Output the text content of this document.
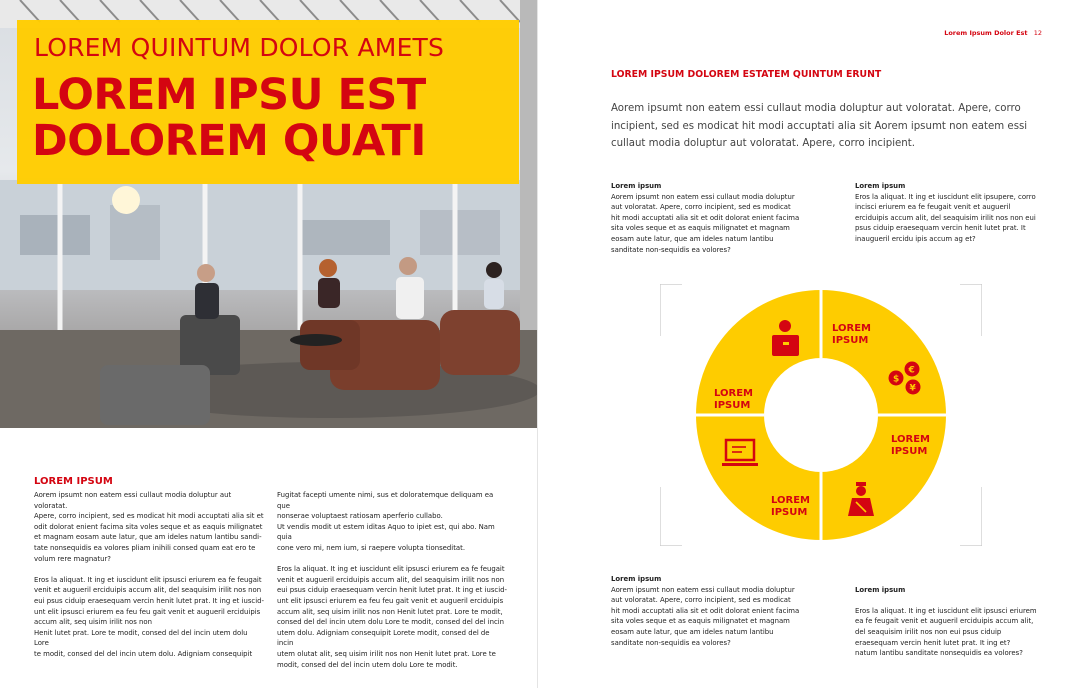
LOREM QUINTUM DOLOR AMETS
LOREM IPSU EST
DOLOREM QUATI
LOREM IPSUM
Aorem ipsumt non eatem essi cullaut modia doluptur aut voloratat.
Apere, corro incipient, sed es modicat hit modi accuptati alia sit et
odit dolorat enient facima sita voles seque et as eaquis milignatet
et magnam eosam aute latur, que am ideles natum lantibu sandi-
tate nonsequidis ea volores pliam inihili consed quam eat ero te
volum rere magnatur?

Eros la aliquat. It ing et iuscidunt elit ipsusci eriurem ea fe feugait
venit et augueril erciduipis accum alit, del seaquisim irilit nos non
eui psus ciduip eraesequam vercin henit lutet prat. It ing et iuscid-
unt elit ipsusci eriurem ea feu feu gait venit et augueril erciduipis
accum alit, seq uisim irilit nos non
Henit lutet prat. Lore te modit, consed del del incin utem dolu Lore
te modit, consed del del incin utem dolu. Adigniam consequipit
Fugitat facepti umente nimi, sus et doloratemque deliquam ea que
nonserae voluptaest ratiosam aperferio cullabo.
Ut vendis modit ut estem iditas Aquo to ipiet est, qui abo. Nam quia
cone vero mi, nem ium, si raepere volupta tionseditat.

Eros la aliquat. It ing et iuscidunt elit ipsusci eriurem ea fe feugait
venit et augueril erciduipis accum alit, del seaquisim irilit nos non
eui psus ciduip eraesequam vercin henit lutet prat. It ing et iuscid-
unt elit ipsusci eriurem ea feu feu gait venit et augueril erciduipis
accum alit, seq uisim irilit nos non Henit lutet prat. Lore te modit,
consed del del incin utem dolu Lore te modit, consed del del incin
utem dolu. Adigniam consequipit Lorete modit, consed del de incin
utem olutat alit, seq uisim irilit nos non Henit lutet prat. Lore te
modit, consed del del incin utem dolu Lore te modit.
Lorem Ipsum Dolor Est 12
LOREM IPSUM DOLOREM ESTATEM QUINTUM ERUNT
Aorem ipsumt non eatem essi cullaut modia doluptur aut voloratat. Apere, corro incipient, sed es modicat hit modi accuptati alia sit Aorem ipsumt non eatem essi cullaut modia doluptur aut voloratat. Apere, corro incipient.
Lorem ipsum
Aorem ipsumt non eatem essi cullaut modia doluptur aut voloratat. Apere, corro incipient, sed es modicat hit modi accuptati alia sit et odit dolorat enient facima sita voles seque et as eaquis milignatet et magnam eosam aute latur, que am ideles natum lantibu sanditate non-sequidis ea volores?
Lorem ipsum
Eros la aliquat. It ing et iuscidunt elit ipsupere, corro incisci eriurem ea fe feugait venit et augueril erciduipis accum alit, del seaquisim irilit nos non eui psus ciduip eraesequam vercin henit lutet prat. It inaugueril ercidu ipis accum ag et?
Lorem ipsum
Aorem ipsumt non eatem essi cullaut modia doluptur aut voloratat. Apere, corro incipient, sed es modicat hit modi accuptati alia sit et odit dolorat enient facima sita voles seque et as eaquis milignatet et magnam eosam aute latur, que am ideles natum lantibu sanditate non-sequidis ea volores?

Lorem ipsum

Eros la aliquat. It ing et iuscidunt elit ipsusci eriurem ea fe feugait venit et augueril erciduipis accum alit, del seaquisim irilit nos non eui psus ciduip eraesequam vercin henit lutet prat. It ing et?
natum lantibu sanditate nonsequidis ea volores?

LOREM
IPSUM
LOREM
IPSUM
LOREM
IPSUM
LOREM
IPSUM
€
$
¥
